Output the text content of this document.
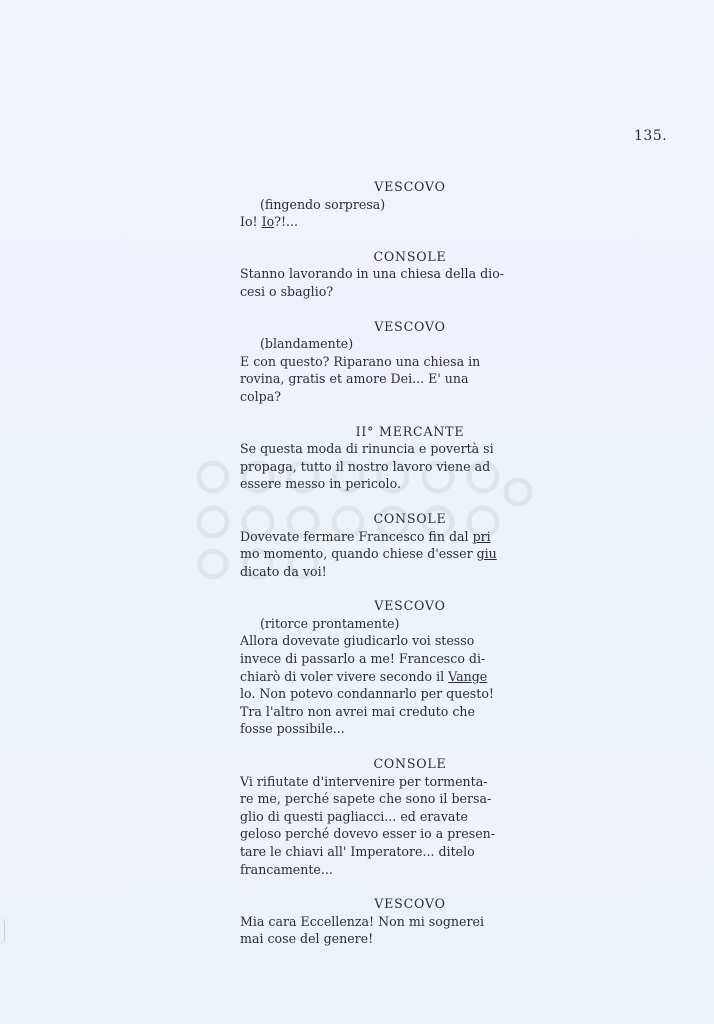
135.

VESCOVO

(fingendo sorpresa)

Io! Io?!...

CONSOLE

Stanno lavorando in una chiesa della dio-

cesi o sbaglio?

VESCOVO

(blandamente)

E con questo? Riparano una chiesa in

rovina, gratis et amore Dei... E' una

colpa?

II° MERCANTE

Se questa moda di rinuncia e povertà si

propaga, tutto il nostro lavoro viene ad

essere messo in pericolo.

CONSOLE

Dovevate fermare Francesco fin dal pri

mo momento, quando chiese d'esser giu

dicato da voi!

VESCOVO

(ritorce prontamente)

Allora dovevate giudicarlo voi stesso

invece di passarlo a me! Francesco di-

chiarò di voler vivere secondo il Vange

lo. Non potevo condannarlo per questo!

Tra l'altro non avrei mai creduto che

fosse possibile...

CONSOLE

Vi rifiutate d'intervenire per tormenta-

re me, perché sapete che sono il bersa-

glio di questi pagliacci... ed eravate

geloso perché dovevo esser io a presen-

tare le chiavi all' Imperatore... ditelo

francamente...

VESCOVO

Mia cara Eccellenza! Non mi sognerei

mai cose del genere!
